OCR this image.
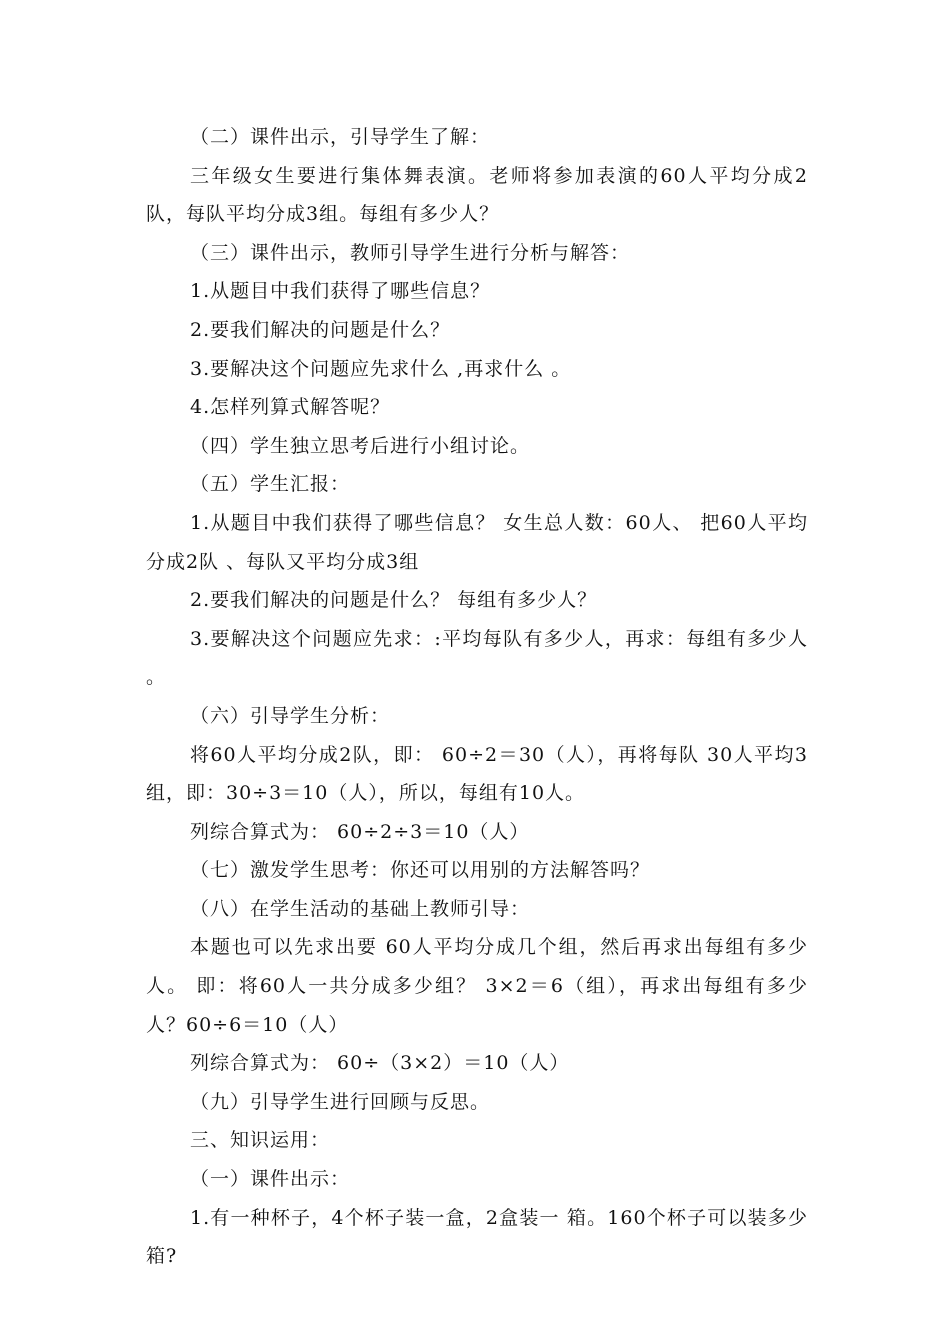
（二）课件出示，引导学生了解：

三年级女生要进行集体舞表演。老师将参加表演的60人平均分成2队，每队平均分成3组。每组有多少人？

（三）课件出示，教师引导学生进行分析与解答：

1.从题目中我们获得了哪些信息？

2.要我们解决的问题是什么？

3.要解决这个问题应先求什么 ,再求什么 。

4.怎样列算式解答呢？

（四）学生独立思考后进行小组讨论。

（五）学生汇报：

1.从题目中我们获得了哪些信息？ 女生总人数：60人、 把60人平均分成2队 、每队又平均分成3组

2.要我们解决的问题是什么？ 每组有多少人？

3.要解决这个问题应先求：:平均每队有多少人，再求：每组有多少人 。

（六）引导学生分析：

将60人平均分成2队，即： 60÷2＝30（人），再将每队 30人平均3组，即：30÷3＝10（人），所以，每组有10人。

列综合算式为： 60÷2÷3＝10（人）

（七）激发学生思考：你还可以用别的方法解答吗？

（八）在学生活动的基础上教师引导：

本题也可以先求出要 60人平均分成几个组，然后再求出每组有多少人。 即：将60人一共分成多少组？ 3×2＝6（组），再求出每组有多少人？60÷6＝10（人）

列综合算式为： 60÷（3×2）＝10（人）

（九）引导学生进行回顾与反思。

三、知识运用：

（一）课件出示：

1.有一种杯子，4个杯子装一盒，2盒装一 箱。160个杯子可以装多少箱?
